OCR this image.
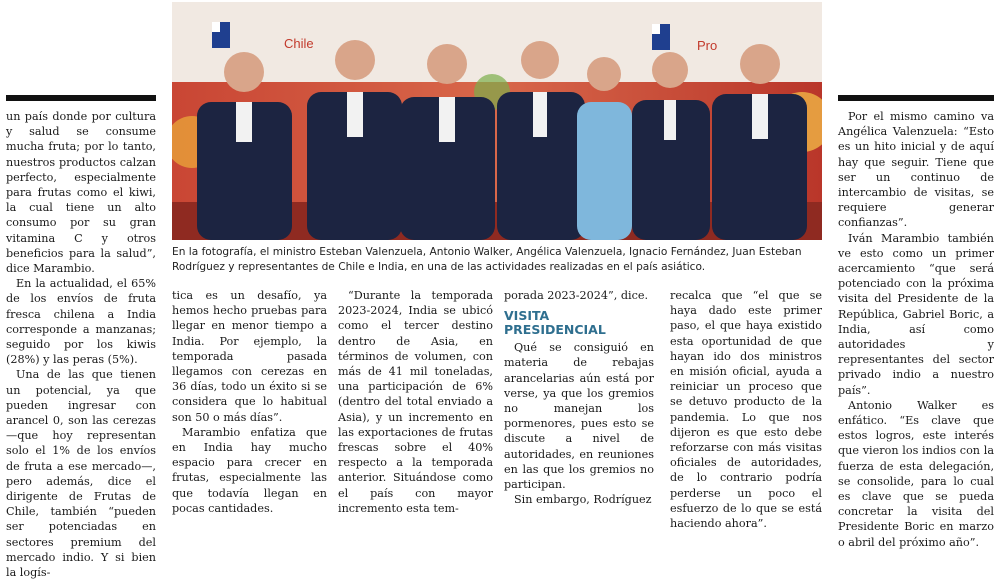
Chile	Pro
En la fotografía, el ministro Esteban Valenzuela, Antonio Walker, Angélica Valenzuela, Ignacio Fernández, Juan Esteban Rodríguez y representantes de Chile e India, en una de las actividades realizadas en el país asiático.

un país donde por cultura y salud se consume mucha fruta; por lo tanto, nuestros productos calzan perfecto, especialmente para frutas como el kiwi, la cual tiene un alto consumo por su gran vitamina C y otros beneficios para la salud”, dice Marambio.

En la actualidad, el 65% de los envíos de fruta fresca chilena a India corresponde a manzanas; seguido por los kiwis (28%) y las peras (5%).

Una de las que tienen un potencial, ya que pueden ingresar con arancel 0, son las cerezas —que hoy representan solo el 1% de los envíos de fruta a ese mercado—, pero además, dice el dirigente de Frutas de Chile, también “pueden ser potenciadas en sectores premium del mercado indio. Y si bien la logís-

tica es un desafío, ya hemos hecho pruebas para llegar en menor tiempo a India. Por ejemplo, la temporada pasada llegamos con cerezas en 36 días, todo un éxito si se considera que lo habitual son 50 o más días”.

Marambio enfatiza que en India hay mucho espacio para crecer en frutas, especialmente las que todavía llegan en pocas cantidades.

“Durante la temporada 2023-2024, India se ubicó como el tercer destino dentro de Asia, en términos de volumen, con más de 41 mil toneladas, una participación de 6% (dentro del total enviado a Asia), y un incremento en las exportaciones de frutas frescas sobre el 40% respecto a la temporada anterior. Situándose como el país con mayor incremento esta tem-

porada 2023-2024”, dice.

VISITA PRESIDENCIAL

Qué se consiguió en materia de rebajas arancelarias aún está por verse, ya que los gremios no manejan los pormenores, pues esto se discute a nivel de autoridades, en reuniones en las que los gremios no participan.

Sin embargo, Rodríguez

recalca que “el que se haya dado este primer paso, el que haya existido esta oportunidad de que hayan ido dos ministros en misión oficial, ayuda a reiniciar un proceso que se detuvo producto de la pandemia. Lo que nos dijeron es que esto debe reforzarse con más visitas oficiales de autoridades, de lo contrario podría perderse un poco el esfuerzo de lo que se está haciendo ahora”.

Por el mismo camino va Angélica Valenzuela: “Esto es un hito inicial y de aquí hay que seguir. Tiene que ser un continuo de intercambio de visitas, se requiere generar confianzas”.

Iván Marambio también ve esto como un primer acercamiento “que será potenciado con la próxima visita del Presidente de la República, Gabriel Boric, a India, así como autoridades y representantes del sector privado indio a nuestro país”.

Antonio Walker es enfático. “Es clave que estos logros, este interés que vieron los indios con la fuerza de esta delegación, se consolide, para lo cual es clave que se pueda concretar la visita del Presidente Boric en marzo o abril del próximo año”.
